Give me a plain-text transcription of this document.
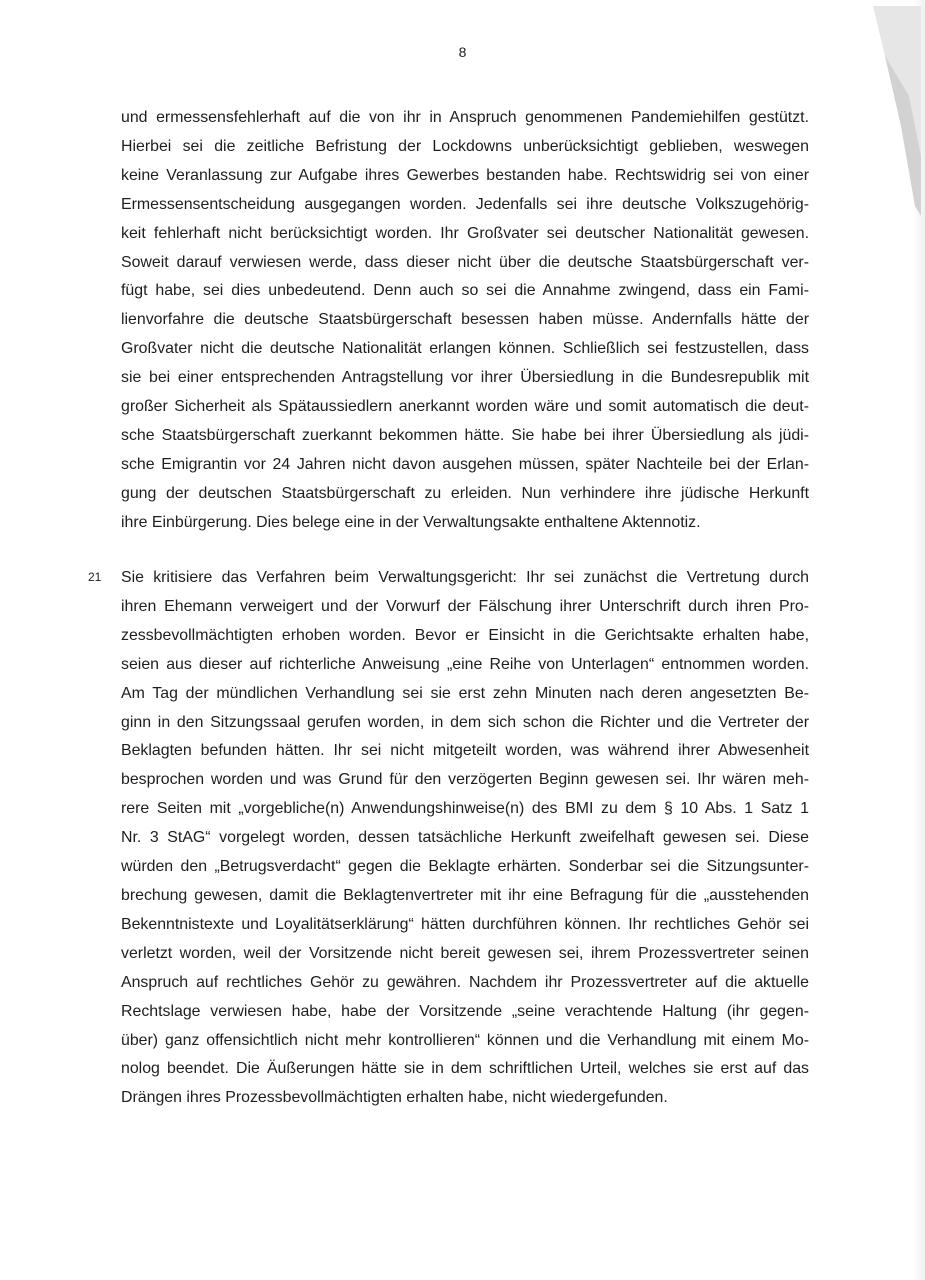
8
und ermessensfehlerhaft auf die von ihr in Anspruch genommenen Pandemiehilfen gestützt.
Hierbei sei die zeitliche Befristung der Lockdowns unberücksichtigt geblieben, weswegen
keine Veranlassung zur Aufgabe ihres Gewerbes bestanden habe. Rechtswidrig sei von einer
Ermessensentscheidung ausgegangen worden. Jedenfalls sei ihre deutsche Volkszugehörig-
keit fehlerhaft nicht berücksichtigt worden. Ihr Großvater sei deutscher Nationalität gewesen.
Soweit darauf verwiesen werde, dass dieser nicht über die deutsche Staatsbürgerschaft ver-
fügt habe, sei dies unbedeutend. Denn auch so sei die Annahme zwingend, dass ein Fami-
lienvorfahre die deutsche Staatsbürgerschaft besessen haben müsse. Andernfalls hätte der
Großvater nicht die deutsche Nationalität erlangen können. Schließlich sei festzustellen, dass
sie bei einer entsprechenden Antragstellung vor ihrer Übersiedlung in die Bundesrepublik mit
großer Sicherheit als Spätaussiedlern anerkannt worden wäre und somit automatisch die deut-
sche Staatsbürgerschaft zuerkannt bekommen hätte. Sie habe bei ihrer Übersiedlung als jüdi-
sche Emigrantin vor 24 Jahren nicht davon ausgehen müssen, später Nachteile bei der Erlan-
gung der deutschen Staatsbürgerschaft zu erleiden. Nun verhindere ihre jüdische Herkunft
ihre Einbürgerung. Dies belege eine in der Verwaltungsakte enthaltene Aktennotiz.
21 Sie kritisiere das Verfahren beim Verwaltungsgericht: Ihr sei zunächst die Vertretung durch
ihren Ehemann verweigert und der Vorwurf der Fälschung ihrer Unterschrift durch ihren Pro-
zessbevollmächtigten erhoben worden. Bevor er Einsicht in die Gerichtsakte erhalten habe,
seien aus dieser auf richterliche Anweisung „eine Reihe von Unterlagen“ entnommen worden.
Am Tag der mündlichen Verhandlung sei sie erst zehn Minuten nach deren angesetzten Be-
ginn in den Sitzungssaal gerufen worden, in dem sich schon die Richter und die Vertreter der
Beklagten befunden hätten. Ihr sei nicht mitgeteilt worden, was während ihrer Abwesenheit
besprochen worden und was Grund für den verzögerten Beginn gewesen sei. Ihr wären meh-
rere Seiten mit „vorgebliche(n) Anwendungshinweise(n) des BMI zu dem § 10 Abs. 1 Satz 1
Nr. 3 StAG“ vorgelegt worden, dessen tatsächliche Herkunft zweifelhaft gewesen sei. Diese
würden den „Betrugsverdacht“ gegen die Beklagte erhärten. Sonderbar sei die Sitzungsunter-
brechung gewesen, damit die Beklagtenvertreter mit ihr eine Befragung für die „ausstehenden
Bekenntnistexte und Loyalitätserklärung“ hätten durchführen können. Ihr rechtliches Gehör sei
verletzt worden, weil der Vorsitzende nicht bereit gewesen sei, ihrem Prozessvertreter seinen
Anspruch auf rechtliches Gehör zu gewähren. Nachdem ihr Prozessvertreter auf die aktuelle
Rechtslage verwiesen habe, habe der Vorsitzende „seine verachtende Haltung (ihr gegen-
über) ganz offensichtlich nicht mehr kontrollieren“ können und die Verhandlung mit einem Mo-
nolog beendet. Die Äußerungen hätte sie in dem schriftlichen Urteil, welches sie erst auf das
Drängen ihres Prozessbevollmächtigten erhalten habe, nicht wiedergefunden.
